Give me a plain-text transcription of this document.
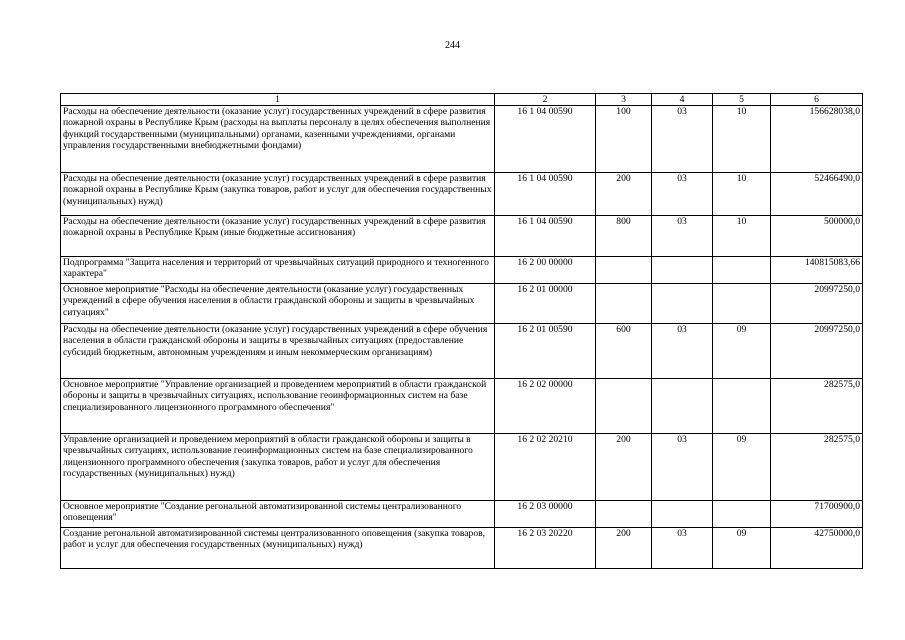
244
1	2	3	4	5	6
Расходы на обеспечение деятельности (оказание услуг) государственных учреждений в сфере развития пожарной охраны в Республике Крым (расходы на выплаты персоналу в целях обеспечения выполнения функций государственными (муниципальными) органами, казенными учреждениями, органами управления государственными внебюджетными фондами)	16 1 04 00590	100	03	10	156628038,0
Расходы на обеспечение деятельности (оказание услуг) государственных учреждений в сфере развития пожарной охраны в Республике Крым (закупка товаров, работ и услуг для обеспечения государственных (муниципальных) нужд)	16 1 04 00590	200	03	10	52466490,0
Расходы на обеспечение деятельности (оказание услуг) государственных учреждений в сфере развития пожарной охраны в Республике Крым (иные бюджетные ассигнования)	16 1 04 00590	800	03	10	500000,0
Подпрограмма "Защита населения и территорий от чрезвычайных ситуаций природного и техногенного характера"	16 2 00 00000				140815083,66
Основное мероприятие "Расходы на обеспечение деятельности (оказание услуг) государственных учреждений в сфере обучения населения в области гражданской обороны и защиты в чрезвычайных ситуациях"	16 2 01 00000				20997250,0
Расходы на обеспечение деятельности (оказание услуг) государственных учреждений в сфере обучения населения в области гражданской обороны и защиты в чрезвычайных ситуациях (предоставление субсидий бюджетным, автономным учреждениям и иным некоммерческим организациям)	16 2 01 00590	600	03	09	20997250,0
Основное мероприятие "Управление организацией и проведением мероприятий в области гражданской обороны и защиты в чрезвычайных ситуациях, использование геоинформационных систем на базе специализированного лицензионного программного обеспечения"	16 2 02 00000				282575,0
Управление организацией и проведением мероприятий в области гражданской обороны и защиты в чрезвычайных ситуациях, использование геоинформационных систем на базе специализированного лицензионного программного обеспечения (закупка товаров, работ и услуг для обеспечения государственных (муниципальных) нужд)	16 2 02 20210	200	03	09	282575,0
Основное мероприятие "Создание регональной автоматизированной системы централизованного оповещения"	16 2 03 00000				71700900,0
Создание регональной автоматизированной системы централизованного оповещения (закупка товаров, работ и услуг для обеспечения государственных (муниципальных) нужд)	16 2 03 20220	200	03	09	42750000,0
